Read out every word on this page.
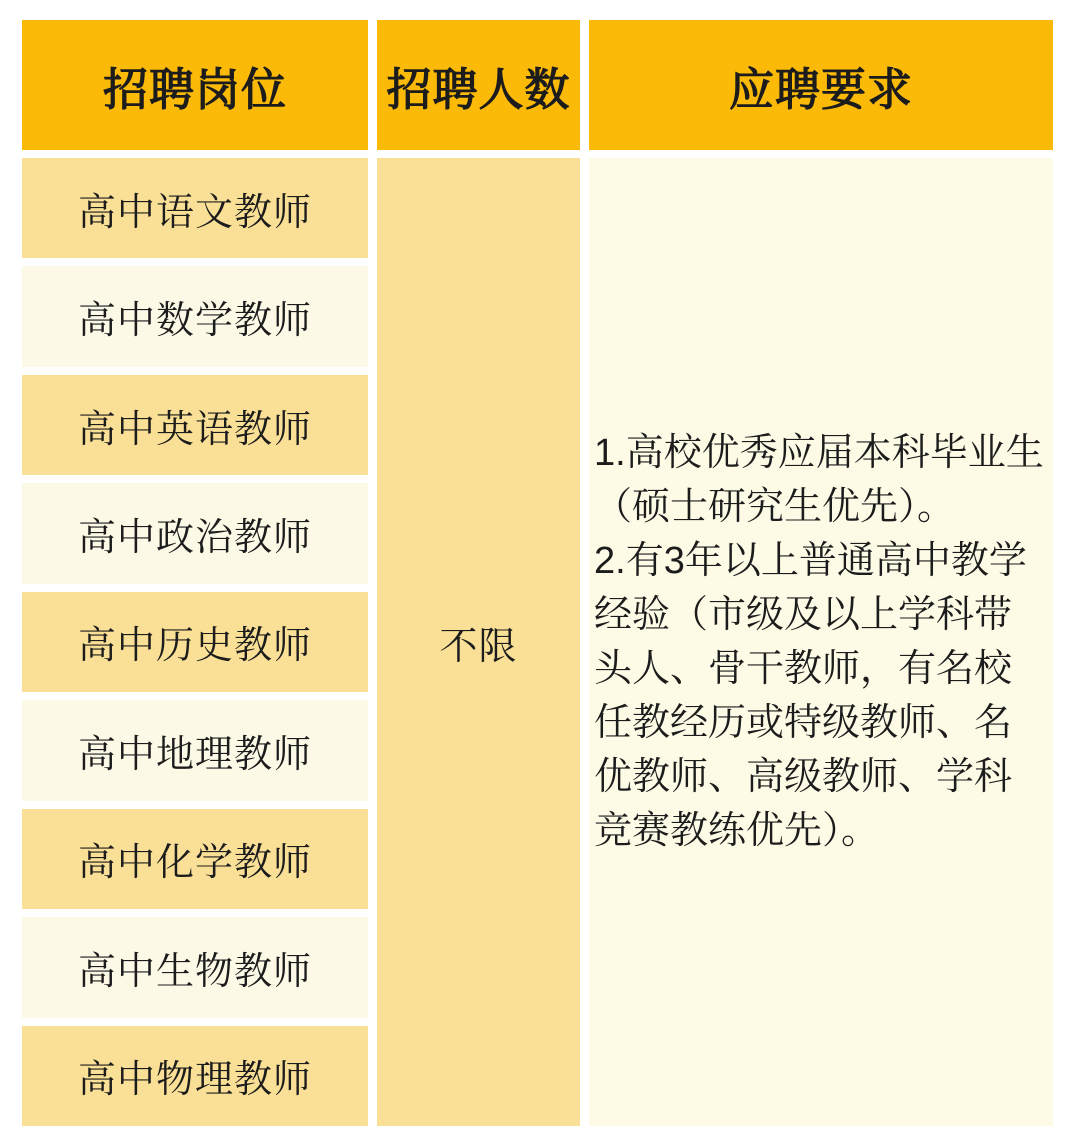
招聘岗位
高中语文教师
高中数学教师
高中英语教师
高中政治教师
高中历史教师
高中地理教师
高中化学教师
高中生物教师
高中物理教师
招聘人数
不限
应聘要求
1.高校优秀应届本科毕业生
（硕士研究生优先）。
2.有3年以上普通高中教学
经验（市级及以上学科带
头人、骨干教师，有名校
任教经历或特级教师、名
优教师、高级教师、学科
竞赛教练优先）。
